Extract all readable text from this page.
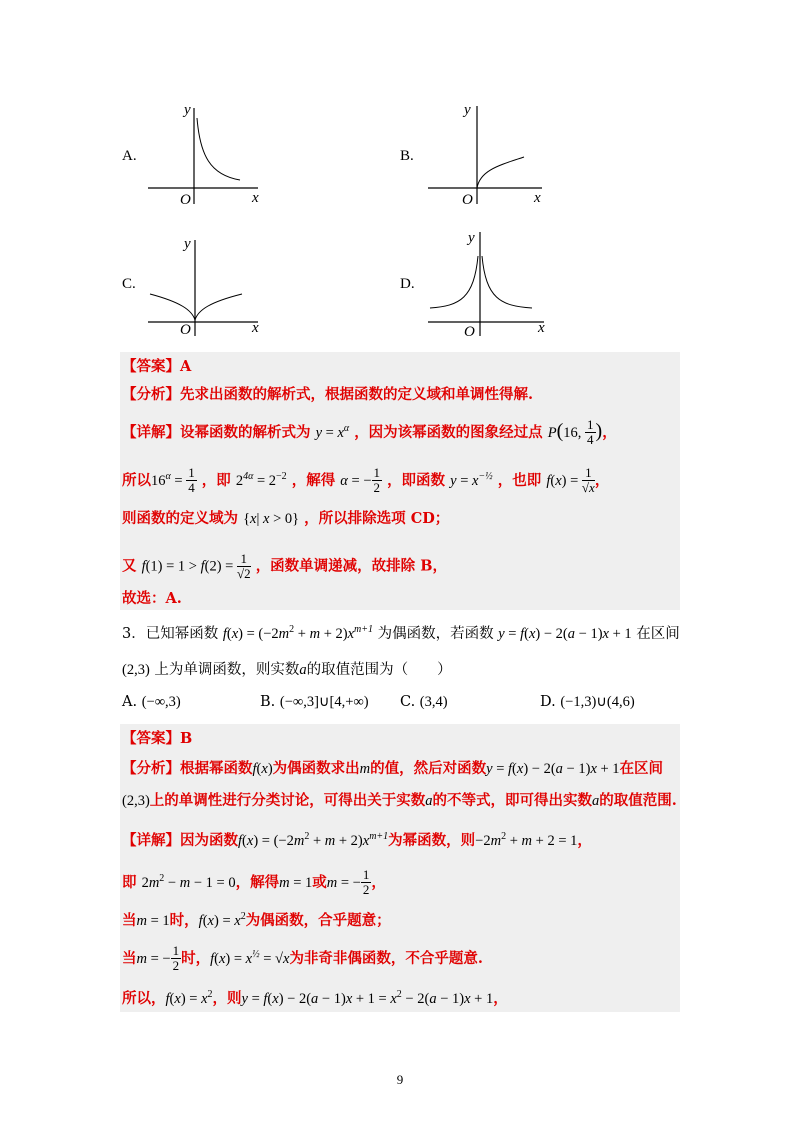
A.
y
x
O
B.
y
x
O
C.
y
x
O
D.
y
x
O
【答案】A
【分析】先求出函数的解析式，根据函数的定义域和单调性得解.
【详解】设幂函数的解析式为 $y = x^\alpha$ ，因为该幂函数的图象经过点 P(16, $\frac{1}{4}$ )，
所以$16^\alpha = \frac{1}{4}$ ，即 $2^{4\alpha} = 2^{-2}$ ，解得 α = − $\frac{1}{2}$ ，即函数 $y = x^{-\frac{1}{2}}$ ，也即 $f(x) = \frac{1}{√x}$ ，
则函数的定义域为 {x| x > 0} ，所以排除选项 CD；
又 $f(1) = 1 > f(2) = \frac{1}{√2}$ ，函数单调递减，故排除 B，
故选：A.
3．已知幂函数 $f(x) = (-2m^2 + m + 2)x^{m+1}$ 为偶函数，若函数 y = f(x) − 2(a − 1)x + 1 在区间
(2,3) 上为单调函数，则实数a的取值范围为（　　）
A. (−∞,3)	B. (−∞,3]∪[4,+∞) C. (3,4)	D. (−1,3)∪(4,6)
【答案】B
【分析】根据幂函数f(x)为偶函数求出m的值，然后对函数y = f(x) − 2(a − 1)x + 1在区间
(2,3)上的单调性进行分类讨论，可得出关于实数a的不等式，即可得出实数a的取值范围.
【详解】因为函数$f(x) = (-2m^2 + m + 2)x^{m+1}$为幂函数，则$-2m^2 + m + 2 = 1$，
即 $2m^2 - m - 1 = 0$，解得m = 1或m = − $\frac{1}{2}$ ，
当m = 1时，$f(x) = x^2$为偶函数，合乎题意；
当m = − $\frac{1}{2}$ 时，$f(x) = x^{\frac{1}{2}} = √x$为非奇非偶函数，不合乎题意.
所以，$f(x) = x^2$，则$y = f(x) - 2(a - 1)x + 1 = x^2 - 2(a - 1)x + 1$，
9
